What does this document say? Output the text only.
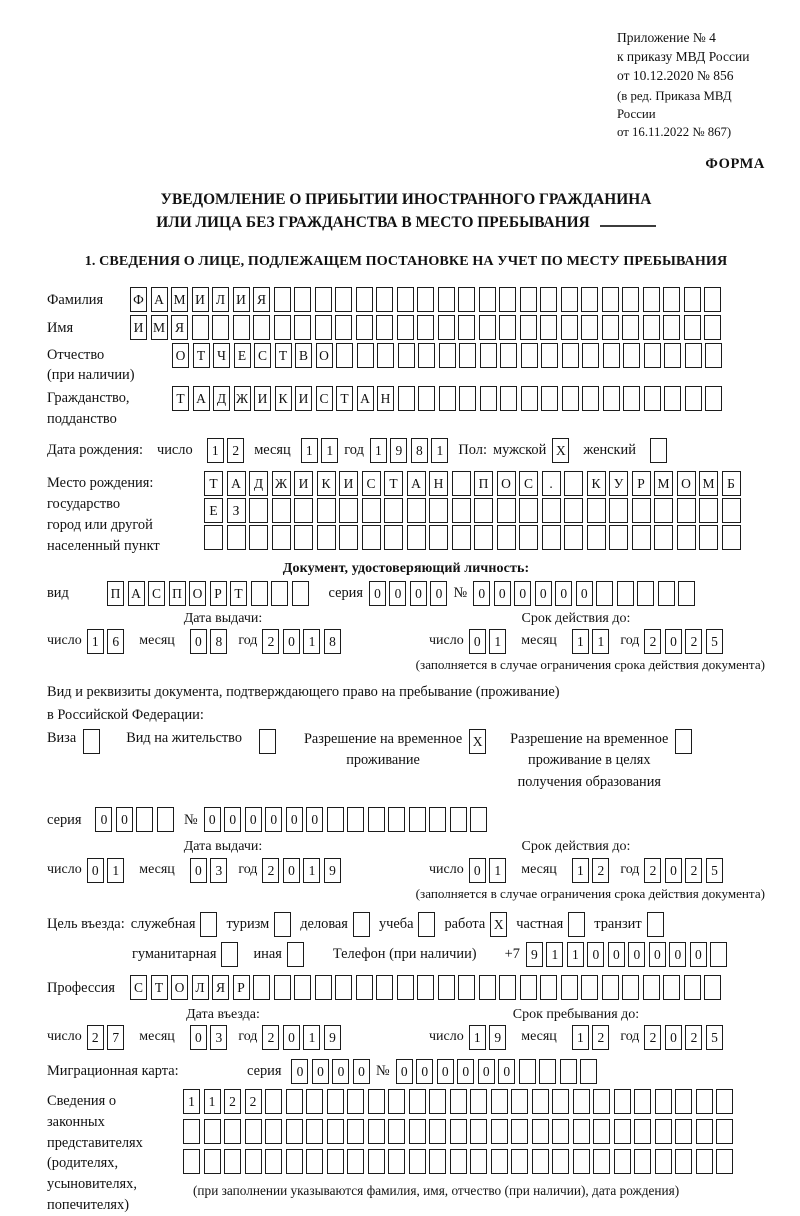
Приложение № 4
к приказу МВД России
от 10.12.2020 № 856
(в ред. Приказа МВД России
от 16.11.2022 № 867)
ФОРМА
УВЕДОМЛЕНИЕ О ПРИБЫТИИ ИНОСТРАННОГО ГРАЖДАНИНА
ИЛИ ЛИЦА БЕЗ ГРАЖДАНСТВА В МЕСТО ПРЕБЫВАНИЯ
1. СВЕДЕНИЯ О ЛИЦЕ, ПОДЛЕЖАЩЕМ ПОСТАНОВКЕ НА УЧЕТ ПО МЕСТУ ПРЕБЫВАНИЯ
Фамилия	Ф А М И Л И Я
Имя	И М Я
Отчество
(при наличии)
О Т Ч Е С Т В О
Гражданство,
подданство
Т А Д Ж И К И С Т А Н
Дата рождения: число	1	2	месяц	1	1 год 1	9	8	1	Пол: мужской X женский
Место рождения:
государство
город или другой
населенный пункт
Т	А Д Ж И К И С	Т	А Н	П О С	.	К У	Р М О М Б
Е	З
Документ, удостоверяющий личность:
вид	П А С П О Р Т	серия 0	0	0	0 № 0	0	0	0	0	0
Дата выдачи:
число 1	6	месяц	0	8	год 2	0	1	8
Срок действия до:
число 0	1	месяц	1	1	год 2	0	2	5
(заполняется в случае ограничения срока действия документа)
Вид и реквизиты документа, подтверждающего право на пребывание (проживание)
в Российской Федерации:
Виза	Вид на жительство	Разрешение на временное
проживание
X Разрешение на временное
проживание в целях
получения образования
серия	0	0	№ 0	0	0	0	0	0
Дата выдачи:
число 0	1	месяц	0	3	год 2	0	1	9
Срок действия до:
число 0	1	месяц	1	2	год 2	0	2	5
(заполняется в случае ограничения срока действия документа)
Цель въезда: служебная туризм деловая учеба работа X частная транзит
гуманитарная	иная	Телефон (при наличии) +7 9	1	1	0	0	0	0	0	0
Профессия	С Т О Л Я Р
Дата въезда:
число 2	7	месяц	0	3	год 2	0	1	9
Срок пребывания до:
число 1	9	месяц	1	2	год 2	0	2	5
Миграционная карта:	серия	0	0	0	0 № 0	0	0	0	0	0
Сведения о
законных
представителях
(родителях,
усыновителях,
попечителях)
1	1	2	2
(при заполнении указываются фамилия, имя, отчество (при наличии), дата рождения)
